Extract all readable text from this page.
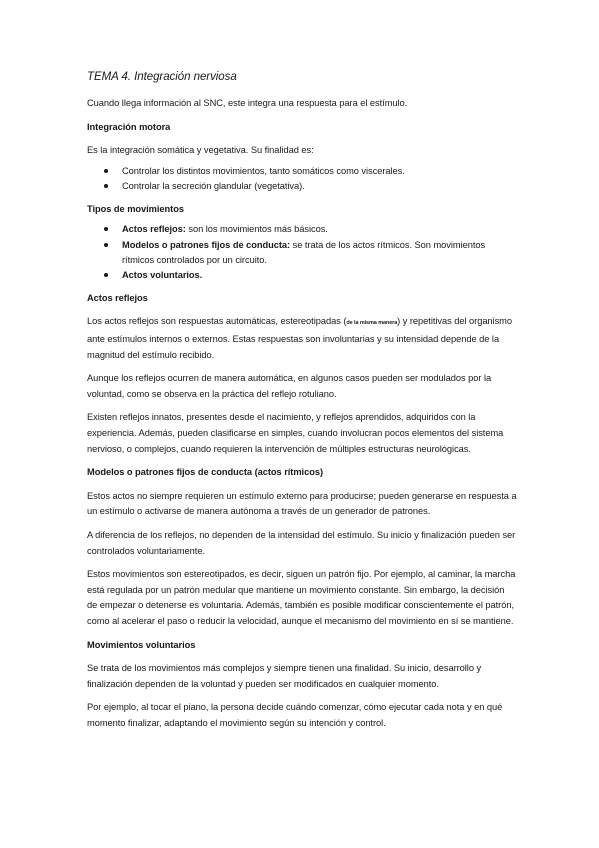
TEMA 4. Integración nerviosa

Cuando llega información al SNC, este integra una respuesta para el estímulo.

Integración motora

Es la integración somática y vegetativa. Su finalidad es:

Controlar los distintos movimientos, tanto somáticos como viscerales.
Controlar la secreción glandular (vegetativa).
Tipos de movimientos
Actos reflejos: son los movimientos más básicos.
Modelos o patrones fijos de conducta: se trata de los actos rítmicos. Son movimientos rítmicos controlados por un circuito.
Actos voluntarios.
Actos reflejos

Los actos reflejos son respuestas automáticas, estereotipadas (de la misma manera) y repetitivas del organismo ante estímulos internos o externos. Estas respuestas son involuntarias y su intensidad depende de la magnitud del estímulo recibido.

Aunque los reflejos ocurren de manera automática, en algunos casos pueden ser modulados por la voluntad, como se observa en la práctica del reflejo rotuliano.

Existen reflejos innatos, presentes desde el nacimiento, y reflejos aprendidos, adquiridos con la experiencia. Además, pueden clasificarse en simples, cuando involucran pocos elementos del sistema nervioso, o complejos, cuando requieren la intervención de múltiples estructuras neurológicas.

Modelos o patrones fijos de conducta (actos rítmicos)

Estos actos no siempre requieren un estímulo externo para producirse; pueden generarse en respuesta a un estímulo o activarse de manera autónoma a través de un generador de patrones.

A diferencia de los reflejos, no dependen de la intensidad del estímulo. Su inicio y finalización pueden ser controlados voluntariamente.

Estos movimientos son estereotipados, es decir, siguen un patrón fijo. Por ejemplo, al caminar, la marcha está regulada por un patrón medular que mantiene un movimiento constante. Sin embargo, la decisión de empezar o detenerse es voluntaria. Además, también es posible modificar conscientemente el patrón, como al acelerar el paso o reducir la velocidad, aunque el mecanismo del movimiento en sí se mantiene.

Movimientos voluntarios

Se trata de los movimientos más complejos y siempre tienen una finalidad. Su inicio, desarrollo y finalización dependen de la voluntad y pueden ser modificados en cualquier momento.

Por ejemplo, al tocar el piano, la persona decide cuándo comenzar, cómo ejecutar cada nota y en qué momento finalizar, adaptando el movimiento según su intención y control.
